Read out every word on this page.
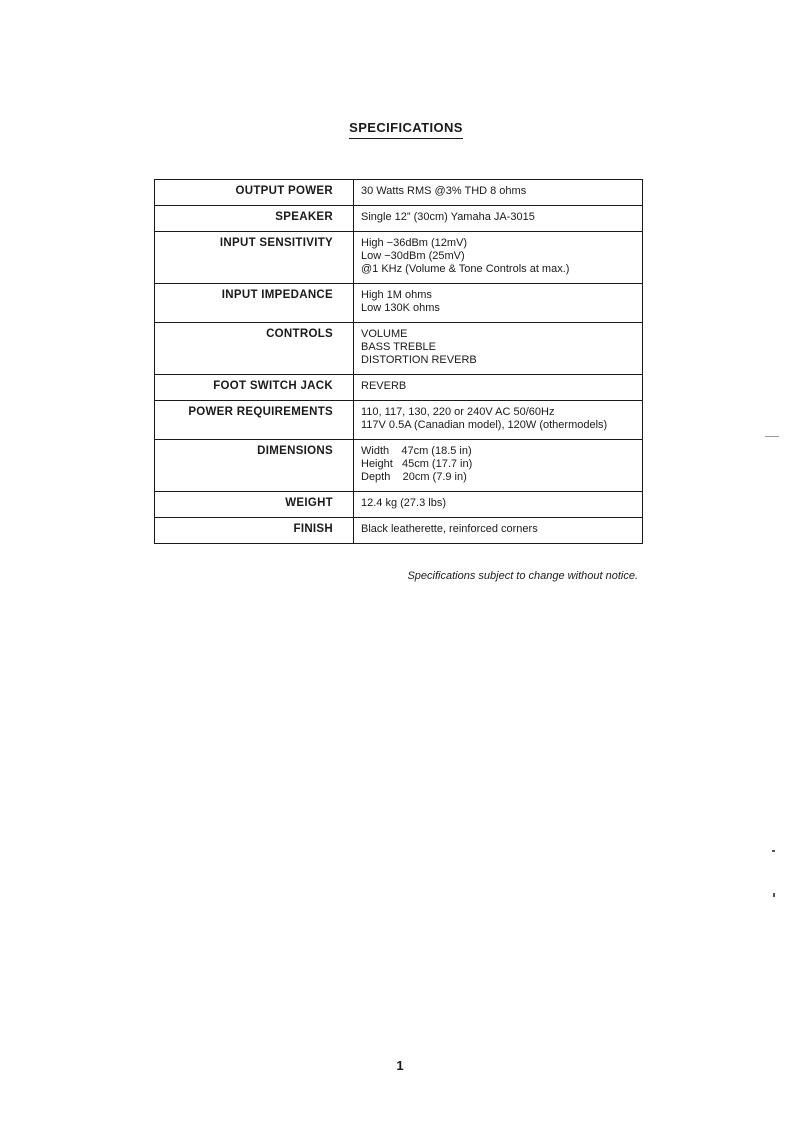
SPECIFICATIONS
OUTPUT POWER	30 Watts RMS @3% THD 8 ohms

SPEAKER	Single 12” (30cm) Yamaha JA-3015

INPUT SENSITIVITY	High −36dBm (12mV)
Low −30dBm (25mV)
@1 KHz (Volume & Tone Controls at max.)

INPUT IMPEDANCE	High 1M ohms
Low 130K ohms

CONTROLS	VOLUME
BASS TREBLE
DISTORTION REVERB

FOOT SWITCH JACK	REVERB

POWER REQUIREMENTS	110, 117, 130, 220 or 240V AC 50/60Hz
117V 0.5A (Canadian model), 120W (othermodels)

DIMENSIONS	Width    47cm (18.5 in)
Height   45cm (17.7 in)
Depth    20cm (7.9 in)

WEIGHT	12.4 kg (27.3 lbs)

FINISH	Black leatherette, reinforced corners
Specifications subject to change without notice.
1
